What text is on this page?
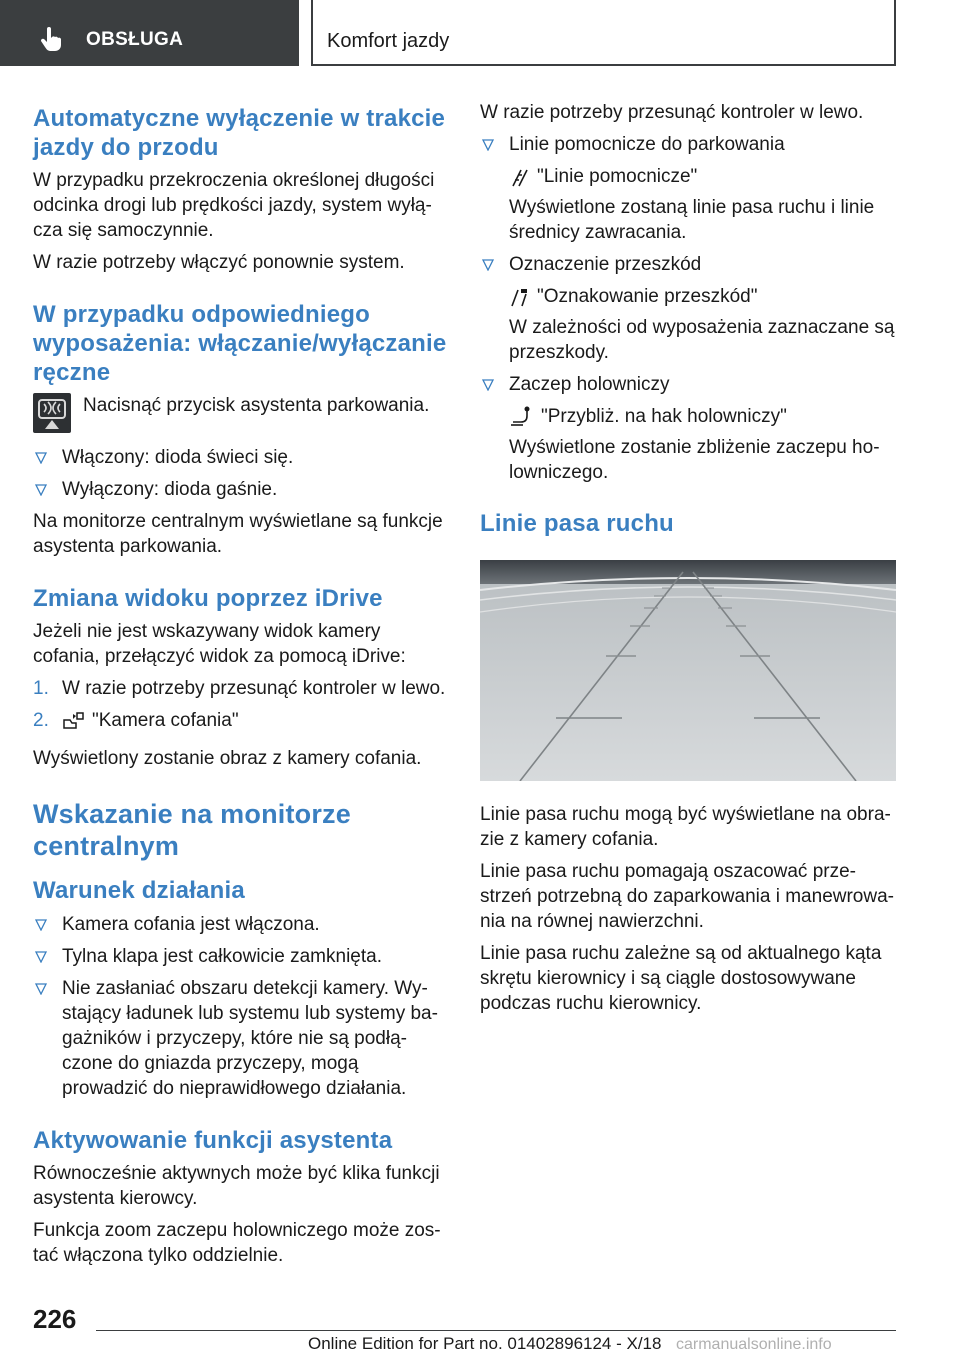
OBSŁUGA	Komfort jazdy
Automatyczne wyłączenie w trakcie jazdy do przodu

W przypadku przekroczenia określonej długości odcinka drogi lub prędkości jazdy, system wyłą-cza się samoczynnie.

W razie potrzeby włączyć ponownie system.

W przypadku odpowiedniego wyposażenia: włączanie/wyłączanie ręczne

Nacisnąć przycisk asystenta parkowania.

Włączony: dioda świeci się.
Wyłączony: dioda gaśnie.

Na monitorze centralnym wyświetlane są funkcje asystenta parkowania.

Zmiana widoku poprzez iDrive

Jeżeli nie jest wskazywany widok kamery cofania, przełączyć widok za pomocą iDrive:

1. W razie potrzeby przesunąć kontroler w lewo.
2. "Kamera cofania"

Wyświetlony zostanie obraz z kamery cofania.

Wskazanie na monitorze centralnym
Warunek działania
Kamera cofania jest włączona.
Tylna klapa jest całkowicie zamknięta.
Nie zasłaniać obszaru detekcji kamery. Wy-stający ładunek lub systemu lub systemy ba-gażników i przyczepy, które nie są podłą-czone do gniazda przyczepy, mogą prowadzić do nieprawidłowego działania.
Aktywowanie funkcji asystenta

Równocześnie aktywnych może być klika funkcji asystenta kierowcy.

Funkcja zoom zaczepu holowniczego może zos-tać włączona tylko oddzielnie.

W razie potrzeby przesunąć kontroler w lewo.

Linie pomocnicze do parkowania
"Linie pomocnicze"

Wyświetlone zostaną linie pasa ruchu i linie średnicy zawracania.

Oznaczenie przeszkód
"Oznakowanie przeszkód"

W zależności od wyposażenia zaznaczane są przeszkody.

Zaczep holowniczy
"Przybliż. na hak holowniczy"

Wyświetlone zostanie zbliżenie zaczepu ho-lowniczego.

Linie pasa ruchu

Linie pasa ruchu mogą być wyświetlane na obra-zie z kamery cofania.

Linie pasa ruchu pomagają oszacować prze-strzeń potrzebną do zaparkowania i manewrowa-nia na równej nawierzchni.

Linie pasa ruchu zależne są od aktualnego kąta skrętu kierownicy i są ciągle dostosowywane podczas ruchu kierownicy.

226
Online Edition for Part no. 01402896124 - X/18 carmanualsonline.info
